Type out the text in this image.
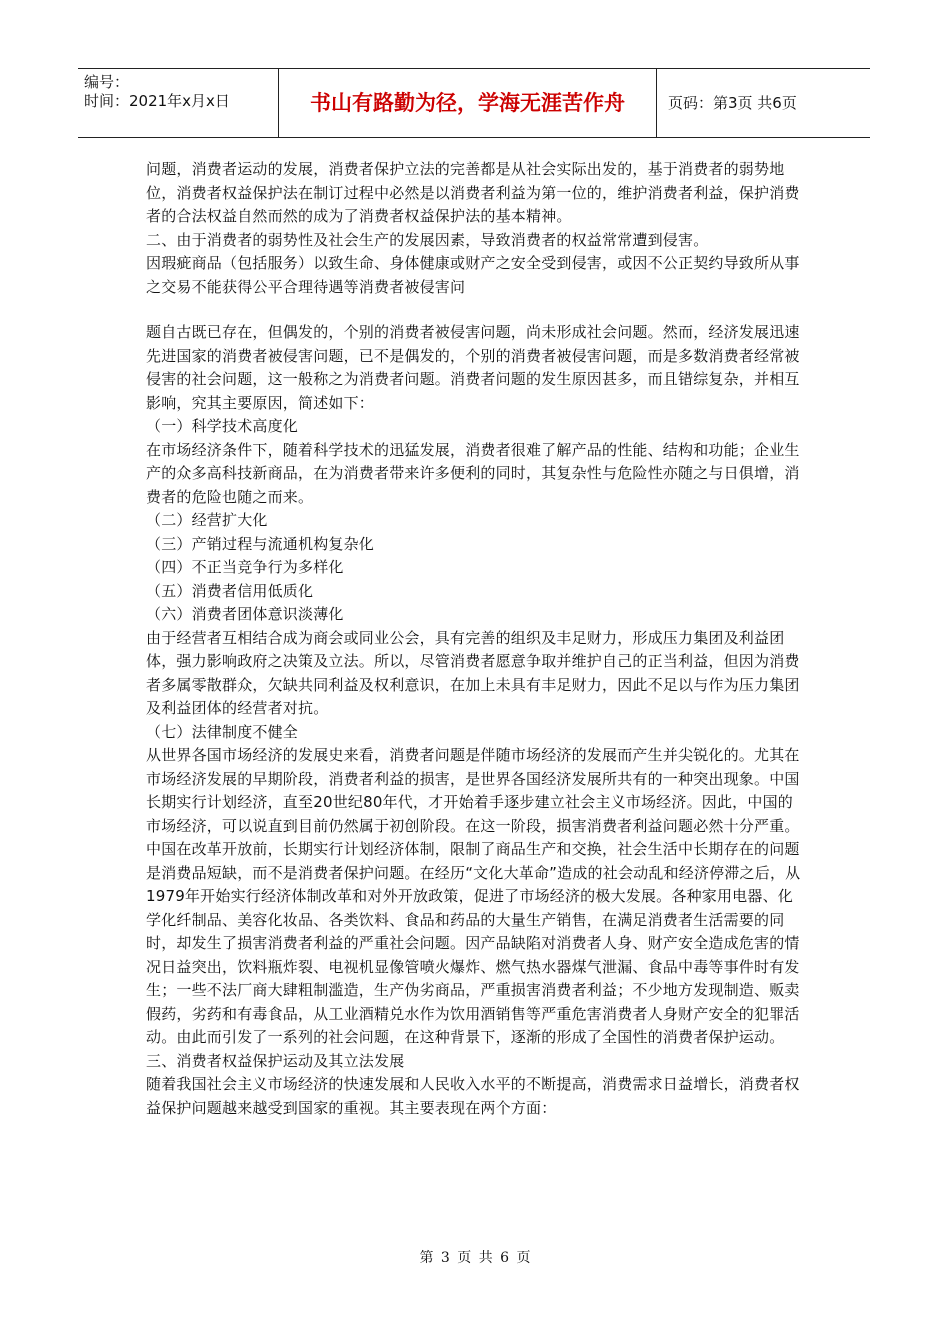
编号：
时间：2021年x月x日	书山有路勤为径，学海无涯苦作舟	页码：第3页 共6页

问题，消费者运动的发展，消费者保护立法的完善都是从社会实际出发的，基于消费者的弱势地位，消费者权益保护法在制订过程中必然是以消费者利益为第一位的，维护消费者利益，保护消费者的合法权益自然而然的成为了消费者权益保护法的基本精神。

二、由于消费者的弱势性及社会生产的发展因素，导致消费者的权益常常遭到侵害。

因瑕疵商品（包括服务）以致生命、身体健康或财产之安全受到侵害，或因不公正契约导致所从事之交易不能获得公平合理待遇等消费者被侵害问

题自古既已存在，但偶发的，个别的消费者被侵害问题，尚未形成社会问题。然而，经济发展迅速先进国家的消费者被侵害问题，已不是偶发的，个别的消费者被侵害问题，而是多数消费者经常被侵害的社会问题，这一般称之为消费者问题。消费者问题的发生原因甚多，而且错综复杂，并相互影响，究其主要原因，简述如下：

（一）科学技术高度化

在市场经济条件下，随着科学技术的迅猛发展，消费者很难了解产品的性能、结构和功能；企业生产的众多高科技新商品，在为消费者带来许多便利的同时，其复杂性与危险性亦随之与日俱增，消费者的危险也随之而来。

（二）经营扩大化

（三）产销过程与流通机构复杂化

（四）不正当竞争行为多样化

（五）消费者信用低质化

（六）消费者团体意识淡薄化

由于经营者互相结合成为商会或同业公会，具有完善的组织及丰足财力，形成压力集团及利益团体，强力影响政府之决策及立法。所以，尽管消费者愿意争取并维护自己的正当利益，但因为消费者多属零散群众，欠缺共同利益及权利意识，在加上未具有丰足财力，因此不足以与作为压力集团及利益团体的经营者对抗。

（七）法律制度不健全

从世界各国市场经济的发展史来看，消费者问题是伴随市场经济的发展而产生并尖锐化的。尤其在市场经济发展的早期阶段，消费者利益的损害，是世界各国经济发展所共有的一种突出现象。中国长期实行计划经济，直至20世纪80年代，才开始着手逐步建立社会主义市场经济。因此，中国的市场经济，可以说直到目前仍然属于初创阶段。在这一阶段，损害消费者利益问题必然十分严重。

中国在改革开放前，长期实行计划经济体制，限制了商品生产和交换，社会生活中长期存在的问题是消费品短缺，而不是消费者保护问题。在经历“文化大革命”造成的社会动乱和经济停滞之后，从1979年开始实行经济体制改革和对外开放政策，促进了市场经济的极大发展。各种家用电器、化学化纤制品、美容化妆品、各类饮料、食品和药品的大量生产销售，在满足消费者生活需要的同时，却发生了损害消费者利益的严重社会问题。因产品缺陷对消费者人身、财产安全造成危害的情况日益突出，饮料瓶炸裂、电视机显像管喷火爆炸、燃气热水器煤气泄漏、食品中毒等事件时有发生；一些不法厂商大肆粗制滥造，生产伪劣商品，严重损害消费者利益；不少地方发现制造、贩卖假药，劣药和有毒食品，从工业酒精兑水作为饮用酒销售等严重危害消费者人身财产安全的犯罪活动。由此而引发了一系列的社会问题，在这种背景下，逐渐的形成了全国性的消费者保护运动。

三、消费者权益保护运动及其立法发展

随着我国社会主义市场经济的快速发展和人民收入水平的不断提高，消费需求日益增长，消费者权益保护问题越来越受到国家的重视。其主要表现在两个方面：

第 3 页 共 6 页
